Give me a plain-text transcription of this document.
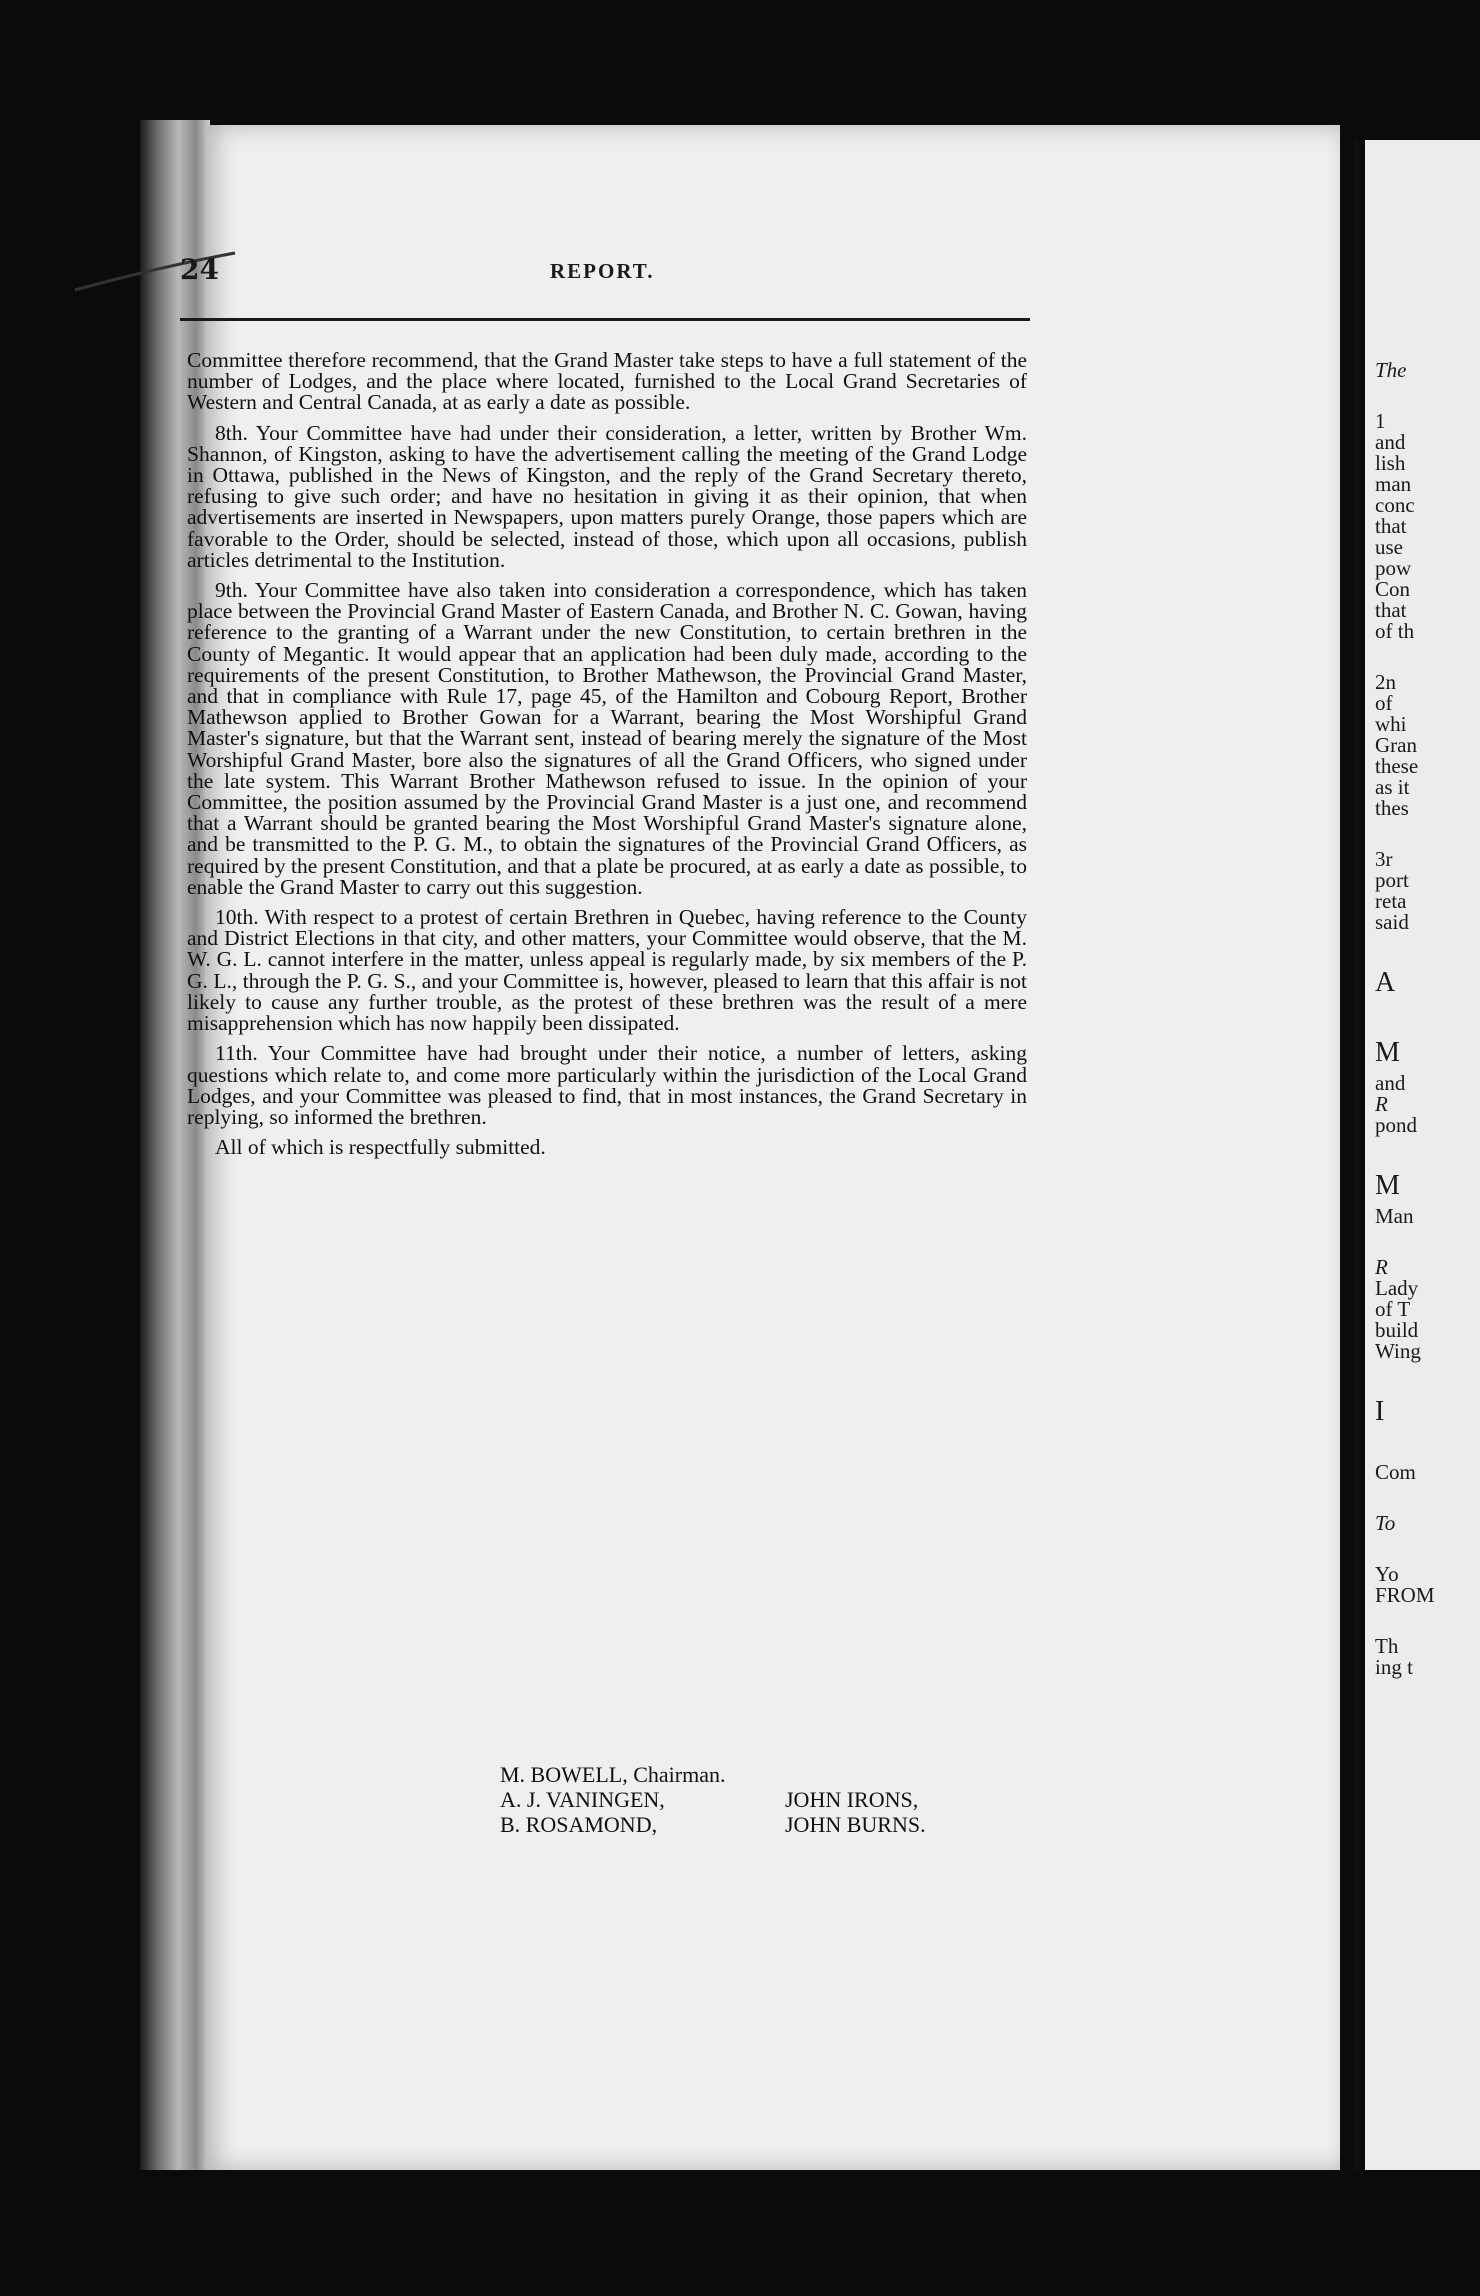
The
1
and
lish
man
conc
that
use
pow
Con
that
of th
2n
of
whi
Gran
these
as it
thes
3r
port
reta
said
A
M
and
R
pond
M
Man
R
Lady
of T
build
Wing
I
Com
To
Yo
FROM
Th
ing t
24	REPORT.

Committee therefore recommend, that the Grand Master take steps to have a full statement of the number of Lodges, and the place where located, furnished to the Local Grand Secretaries of Western and Central Canada, at as early a date as possible.

8th. Your Committee have had under their consideration, a letter, written by Brother Wm. Shannon, of Kingston, asking to have the advertisement calling the meeting of the Grand Lodge in Ottawa, published in the News of Kingston, and the reply of the Grand Secretary thereto, refusing to give such order; and have no hesitation in giving it as their opinion, that when advertisements are inserted in Newspapers, upon matters purely Orange, those papers which are favorable to the Order, should be selected, instead of those, which upon all occasions, publish articles detrimental to the Institution.

9th. Your Committee have also taken into consideration a correspondence, which has taken place between the Provincial Grand Master of Eastern Canada, and Brother N. C. Gowan, having reference to the granting of a Warrant under the new Constitution, to certain brethren in the County of Megantic. It would appear that an application had been duly made, according to the requirements of the present Constitution, to Brother Mathewson, the Provincial Grand Master, and that in compliance with Rule 17, page 45, of the Hamilton and Cobourg Report, Brother Mathewson applied to Brother Gowan for a Warrant, bearing the Most Worshipful Grand Master's signature, but that the Warrant sent, instead of bearing merely the signature of the Most Worshipful Grand Master, bore also the signatures of all the Grand Officers, who signed under the late system. This Warrant Brother Mathewson refused to issue. In the opinion of your Committee, the position assumed by the Provincial Grand Master is a just one, and recommend that a Warrant should be granted bearing the Most Worshipful Grand Master's signature alone, and be transmitted to the P. G. M., to obtain the signatures of the Provincial Grand Officers, as required by the present Constitution, and that a plate be procured, at as early a date as possible, to enable the Grand Master to carry out this suggestion.

10th. With respect to a protest of certain Brethren in Quebec, having reference to the County and District Elections in that city, and other matters, your Committee would observe, that the M. W. G. L. cannot interfere in the matter, unless appeal is regularly made, by six members of the P. G. L., through the P. G. S., and your Committee is, however, pleased to learn that this affair is not likely to cause any further trouble, as the protest of these brethren was the result of a mere misapprehension which has now happily been dissipated.

11th. Your Committee have had brought under their notice, a number of letters, asking questions which relate to, and come more particularly within the jurisdiction of the Local Grand Lodges, and your Committee was pleased to find, that in most instances, the Grand Secretary in replying, so informed the brethren.

All of which is respectfully submitted.

M. BOWELL, Chairman.
A. J. VANINGEN,	JOHN IRONS,
B. ROSAMOND,	JOHN BURNS.
